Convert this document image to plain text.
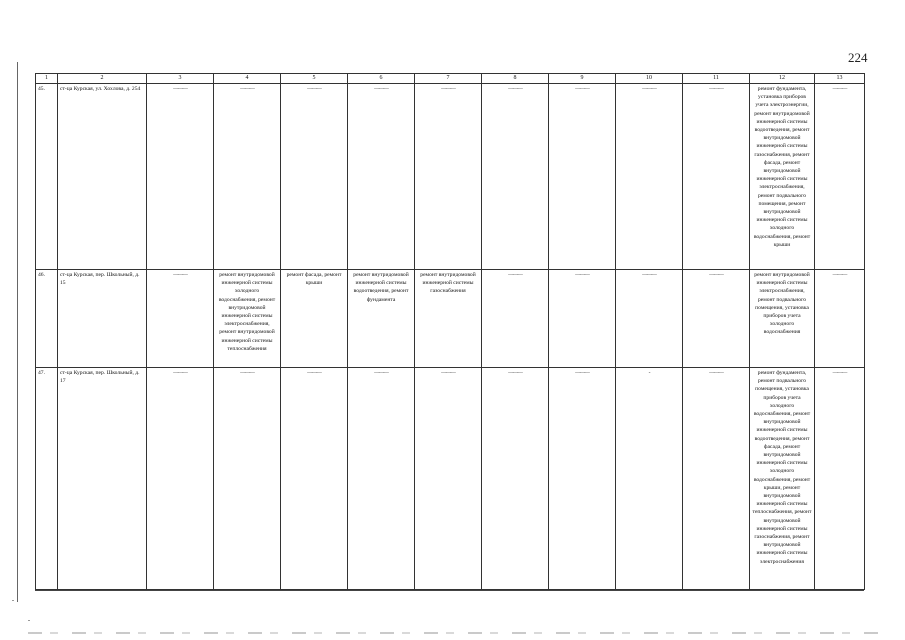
224
1	2	3	4	5	6	7	8	9	10	11	12	13
45.	ст-ца Курская, ул. Хохлова, д. 254	———	———	———	———	———	———	———	———	———	ремонт фундамента, установка приборов учета электроэнергии, ремонт внутридомовой инженерной системы водоотведения, ремонт внутридомовой инженерной системы газоснабжения, ремонт фасада, ремонт внутридомовой инженерной системы электроснабжения, ремонт подвального помещения, ремонт внутридомовой инженерной системы холодного водоснабжения, ремонт крыши	———
46.	ст-ца Курская, пер. Школьный, д. 15	———	ремонт внутридомовой инженерной системы холодного водоснабжения, ремонт внутридомовой инженерной системы электроснабжения, ремонт внутридомовой инженерной системы теплоснабжения	ремонт фасада, ремонт крыши	ремонт внутридомовой инженерной системы водоотведения, ремонт фундамента	ремонт внутридомовой инженерной системы газоснабжения	———	———	———	———	ремонт внутридомовой инженерной системы электроснабжения, ремонт подвального помещения, установка приборов учета холодного водоснабжения	———
47.	ст-ца Курская, пер. Школьный, д. 17	———	———	———	———	———	———	———	-	———	ремонт фундамента, ремонт подвального помещения, установка приборов учета холодного водоснабжения, ремонт внутридомовой инженерной системы водоотведения, ремонт фасада, ремонт внутридомовой инженерной системы холодного водоснабжения, ремонт крыши, ремонт внутридомовой инженерной системы теплоснабжения, ремонт внутридомовой инженерной системы газоснабжения, ремонт внутридомовой инженерной системы электроснабжения	———
